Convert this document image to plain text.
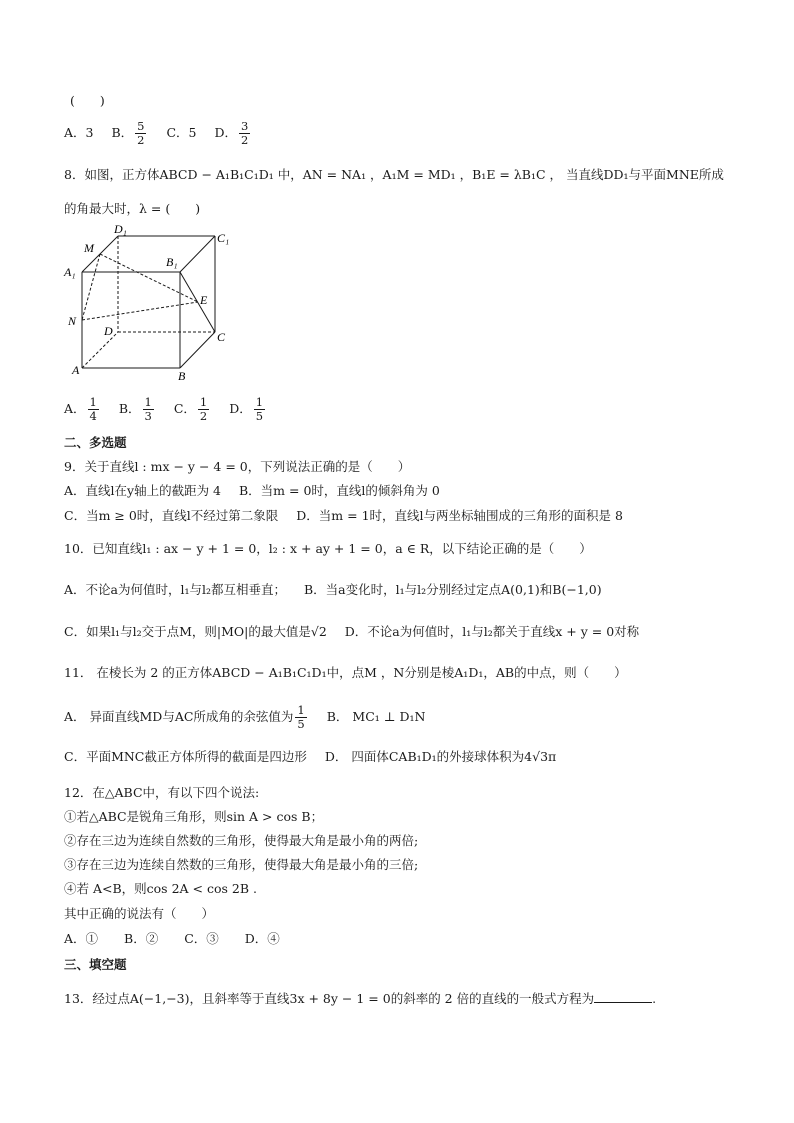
(　　)
A．3 B． $\frac{5}{2}$ C．5 D． $\frac{3}{2}$
8．如图，正方体ABCD − A₁B₁C₁D₁ 中，AN = NA₁ ，A₁M = MD₁ ，B₁E = λB₁C ， 当直线DD₁与平面MNE所成
的角最大时，λ = (　　)
M
D₁
C₁
A₁
B₁
E
N
D	C
A	B
A． $\frac{1}{4}$ B． $\frac{1}{3}$ C． $\frac{1}{2}$ D． $\frac{1}{5}$
二、多选题
9．关于直线l : mx − y − 4 = 0，下列说法正确的是（　　）
A．直线l在y轴上的截距为 4 B．当m = 0时，直线l的倾斜角为 0
C．当m ≥ 0时，直线l不经过第二象限 D．当m = 1时，直线l与两坐标轴围成的三角形的面积是 8
10．已知直线l₁ : ax − y + 1 = 0，l₂ : x + ay + 1 = 0，a ∈ R，以下结论正确的是（　　）
A．不论a为何值时，l₁与l₂都互相垂直； B．当a变化时，l₁与l₂分别经过定点A(0,1)和B(−1,0)
C．如果l₁与l₂交于点M，则|MO|的最大值是√2 D．不论a为何值时，l₁与l₂都关于直线x + y = 0对称
11． 在棱长为 2 的正方体ABCD − A₁B₁C₁D₁中，点M ，N分别是棱A₁D₁，AB的中点，则（　　）
A． 异面直线MD与AC所成角的余弦值为 $\frac{1}{5}$ B． MC₁ ⊥ D₁N
C．平面MNC截正方体所得的截面是四边形 D． 四面体CAB₁D₁的外接球体积为4√3π
12．在△ABC中，有以下四个说法:
①若△ABC是锐角三角形，则sin A > cos B；
②存在三边为连续自然数的三角形，使得最大角是最小角的两倍;
③存在三边为连续自然数的三角形，使得最大角是最小角的三倍;
④若 A<B，则cos 2A < cos 2B .
其中正确的说法有（　　）
A．① B．② C．③ D．④
三、填空题
13．经过点A(−1,−3)，且斜率等于直线3x + 8y − 1 = 0的斜率的 2 倍的直线的一般式方程为	.
